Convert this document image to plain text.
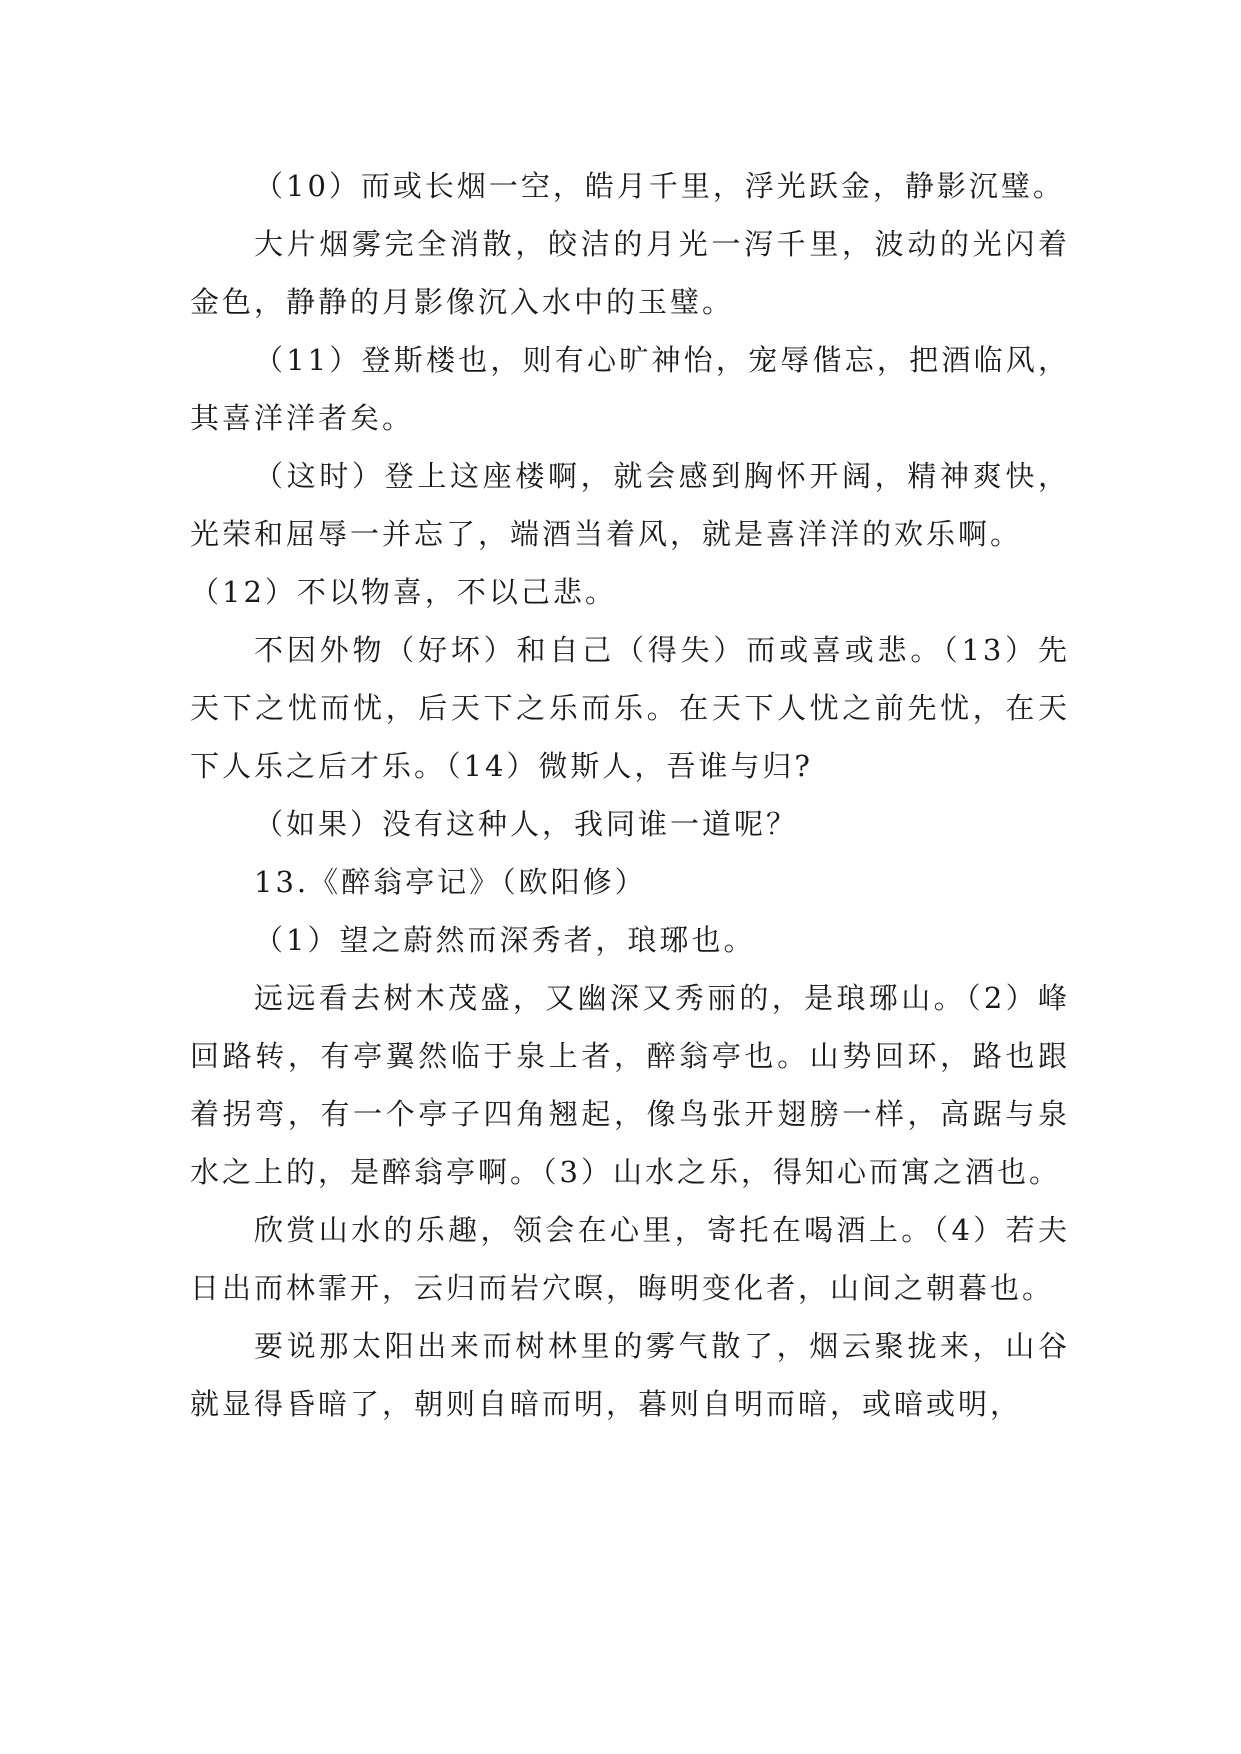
（10）而或长烟一空，皓月千里，浮光跃金，静影沉璧。

大片烟雾完全消散，皎洁的月光一泻千里，波动的光闪着金色，静静的月影像沉入水中的玉璧。

（11）登斯楼也，则有心旷神怡，宠辱偕忘，把酒临风，其喜洋洋者矣。

（这时）登上这座楼啊，就会感到胸怀开阔，精神爽快，光荣和屈辱一并忘了，端酒当着风，就是喜洋洋的欢乐啊。

（12）不以物喜，不以己悲。

不因外物（好坏）和自己（得失）而或喜或悲。（13）先天下之忧而忧，后天下之乐而乐。在天下人忧之前先忧，在天下人乐之后才乐。（14）微斯人，吾谁与归?

（如果）没有这种人，我同谁一道呢？

13.《醉翁亭记》（欧阳修）

（1）望之蔚然而深秀者，琅琊也。

远远看去树木茂盛，又幽深又秀丽的，是琅琊山。（2）峰回路转，有亭翼然临于泉上者，醉翁亭也。山势回环，路也跟着拐弯，有一个亭子四角翘起，像鸟张开翅膀一样，高踞与泉水之上的，是醉翁亭啊。（3）山水之乐，得知心而寓之酒也。

欣赏山水的乐趣，领会在心里，寄托在喝酒上。（4）若夫日出而林霏开，云归而岩穴暝，晦明变化者，山间之朝暮也。

要说那太阳出来而树林里的雾气散了，烟云聚拢来，山谷就显得昏暗了，朝则自暗而明，暮则自明而暗，或暗或明，
